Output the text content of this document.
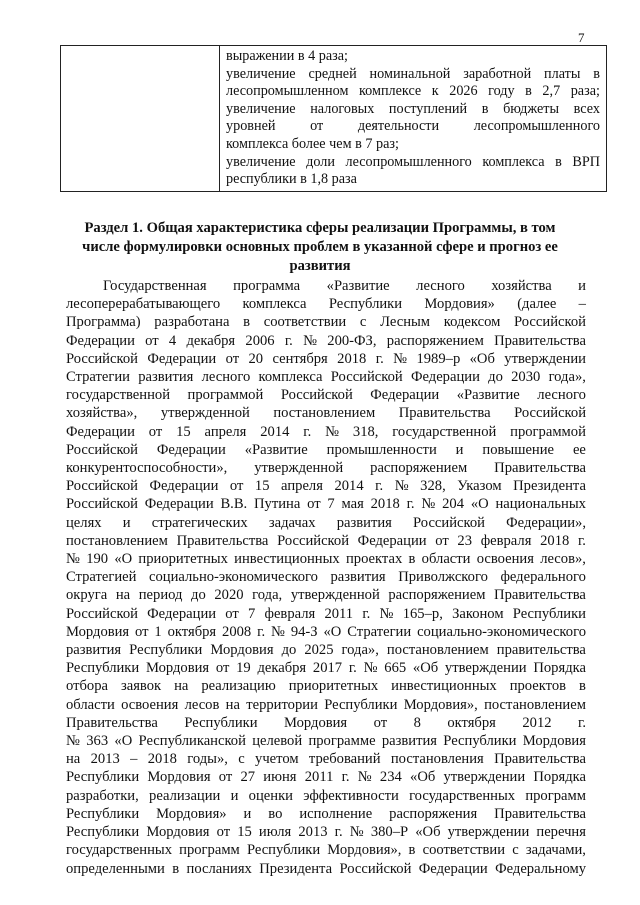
7

выражении в 4 раза;
увеличение средней номинальной заработной платы в
лесопромышленном комплексе к 2026 году в 2,7 раза;
увеличение налоговых поступлений в бюджеты всех
уровней от деятельности лесопромышленного
комплекса более чем в 7 раз;
увеличение доли лесопромышленного комплекса в ВРП
республики в 1,8 раза
Раздел 1. Общая характеристика сферы реализации Программы, в том
числе формулировки основных проблем в указанной сфере и прогноз ее
развития
Государственная программа «Развитие лесного хозяйства и
лесоперерабатывающего комплекса Республики Мордовия» (далее –
Программа) разработана в соответствии с Лесным кодексом Российской
Федерации от 4 декабря 2006 г. № 200-ФЗ, распоряжением Правительства
Российской Федерации от 20 сентября 2018 г. № 1989–р «Об утверждении
Стратегии развития лесного комплекса Российской Федерации до 2030 года»,
государственной программой Российской Федерации «Развитие лесного
хозяйства», утвержденной постановлением Правительства Российской
Федерации от 15 апреля 2014 г. № 318, государственной программой
Российской Федерации «Развитие промышленности и повышение ее
конкурентоспособности», утвержденной распоряжением Правительства
Российской Федерации от 15 апреля 2014 г. № 328, Указом Президента
Российской Федерации В.В. Путина от 7 мая 2018 г. № 204 «О национальных
целях и стратегических задачах развития Российской Федерации»,
постановлением Правительства Российской Федерации от 23 февраля 2018 г.
№ 190 «О приоритетных инвестиционных проектах в области освоения лесов»,
Стратегией социально-экономического развития Приволжского федерального
округа на период до 2020 года, утвержденной распоряжением Правительства
Российской Федерации от 7 февраля 2011 г. № 165–р, Законом Республики
Мордовия от 1 октября 2008 г. № 94-З «О Стратегии социально-экономического
развития Республики Мордовия до 2025 года», постановлением правительства
Республики Мордовия от 19 декабря 2017 г. № 665 «Об утверждении Порядка
отбора заявок на реализацию приоритетных инвестиционных проектов в
области освоения лесов на территории Республики Мордовия», постановлением
Правительства Республики Мордовия от 8 октября 2012 г.
№ 363 «О Республиканской целевой программе развития Республики Мордовия
на 2013 – 2018 годы», с учетом требований постановления Правительства
Республики Мордовия от 27 июня 2011 г. № 234 «Об утверждении Порядка
разработки, реализации и оценки эффективности государственных программ
Республики Мордовия» и во исполнение распоряжения Правительства
Республики Мордовия от 15 июля 2013 г. № 380–Р «Об утверждении перечня
государственных программ Республики Мордовия», в соответствии с задачами,
определенными в посланиях Президента Российской Федерации Федеральному
